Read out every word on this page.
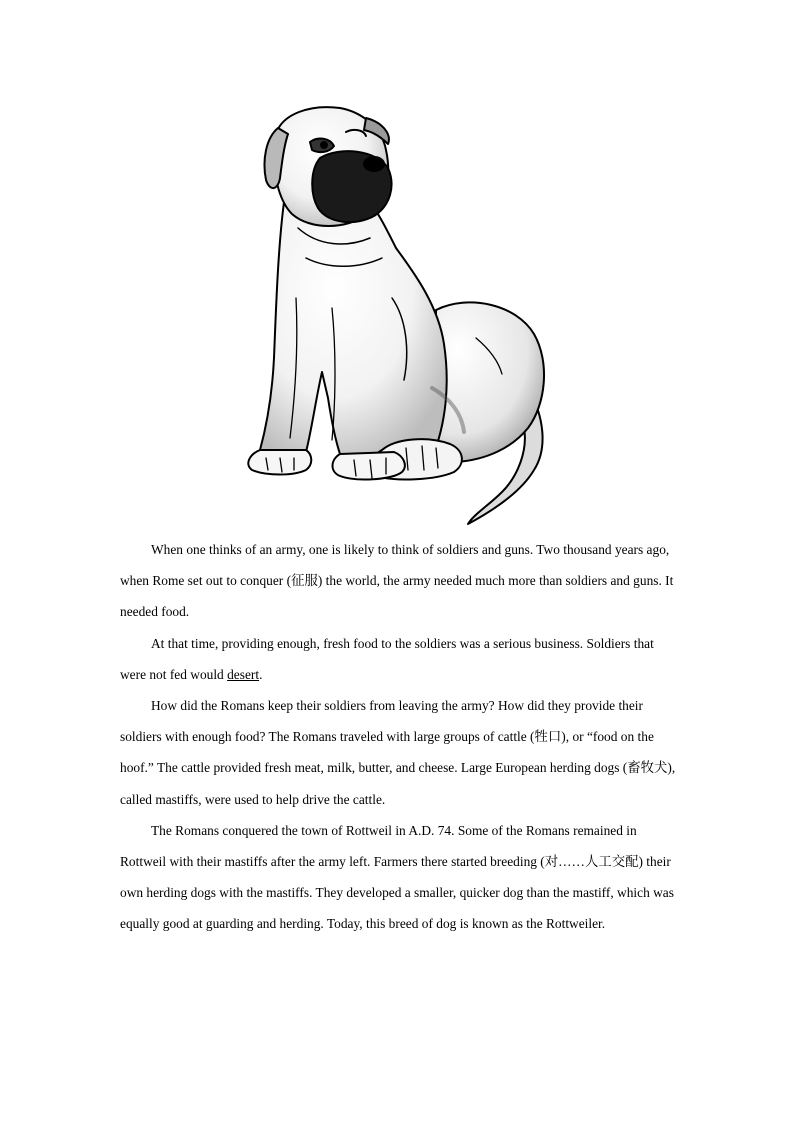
When one thinks of an army, one is likely to think of soldiers and guns. Two thousand years ago, when Rome set out to conquer (征服) the world, the army needed much more than soldiers and guns. It needed food.

At that time, providing enough, fresh food to the soldiers was a serious business. Soldiers that were not fed would desert.

How did the Romans keep their soldiers from leaving the army? How did they provide their soldiers with enough food? The Romans traveled with large groups of cattle (牲口), or “food on the hoof.” The cattle provided fresh meat, milk, butter, and cheese. Large European herding dogs (畜牧犬), called mastiffs, were used to help drive the cattle.

The Romans conquered the town of Rottweil in A.D. 74. Some of the Romans remained in Rottweil with their mastiffs after the army left. Farmers there started breeding (对……人工交配) their own herding dogs with the mastiffs. They developed a smaller, quicker dog than the mastiff, which was equally good at guarding and herding. Today, this breed of dog is known as the Rottweiler.
